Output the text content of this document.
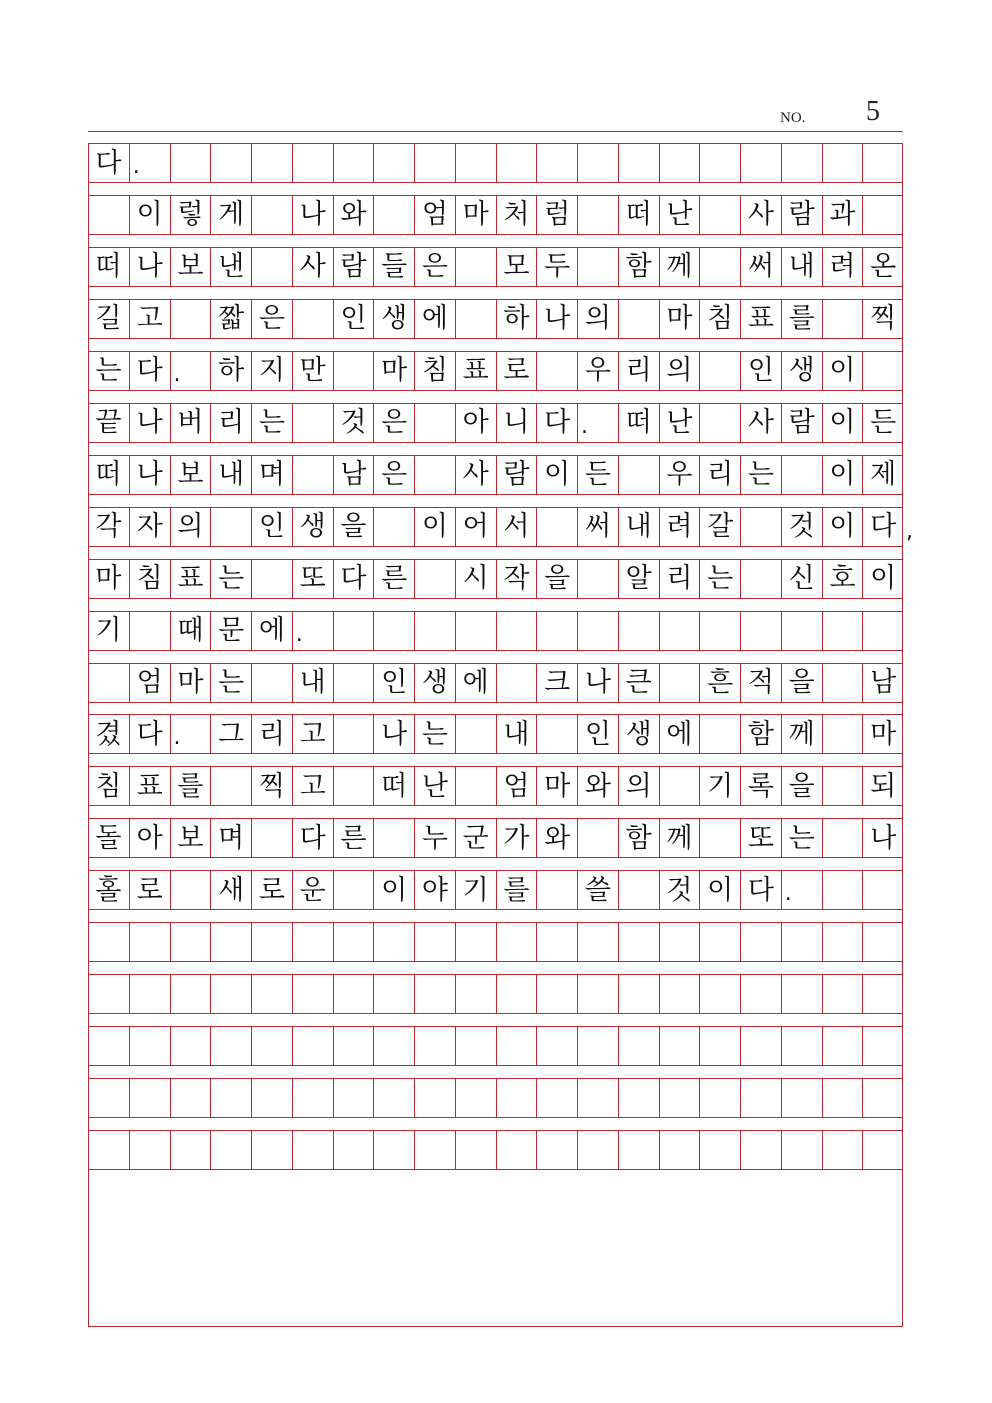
NO. 5
다 .
이 렇 게 나 와 엄 마 처 럼 떠 난 사 람 과
떠 나 보 낸 사 람 들 은 모 두 함 께 써 내 려 온
길 고 짧 은 인 생 에 하 나 의 마 침 표 를 찍
는 다 .	하 지 만 마 침 표 로 우 리 의 인 생 이
끝 나 버 리 는 것 은 아 니 다 .	떠 난 사 람 이 든
떠 나 보 내 며 남 은 사 람 이 든 우 리 는 이 제
각 자 의 인 생 을 이 어 서 써 내 려 갈 것 이 다
마 침 표 는 또 다 른 시 작 을 알 리 는 신 호 이
기 때 문 에 .
엄 마 는 내 인 생 에 크 나 큰 흔 적 을 남
겼 다 .	그 리 고 나 는 내 인 생 에 함 께 마
침 표 를 찍 고 떠 난 엄 마 와 의 기 록 을 되
돌 아 보 며 다 른 누 군 가 와 함 께 또 는 나
홀 로 새 로 운 이 야 기 를 쓸 것 이 다 .
,
